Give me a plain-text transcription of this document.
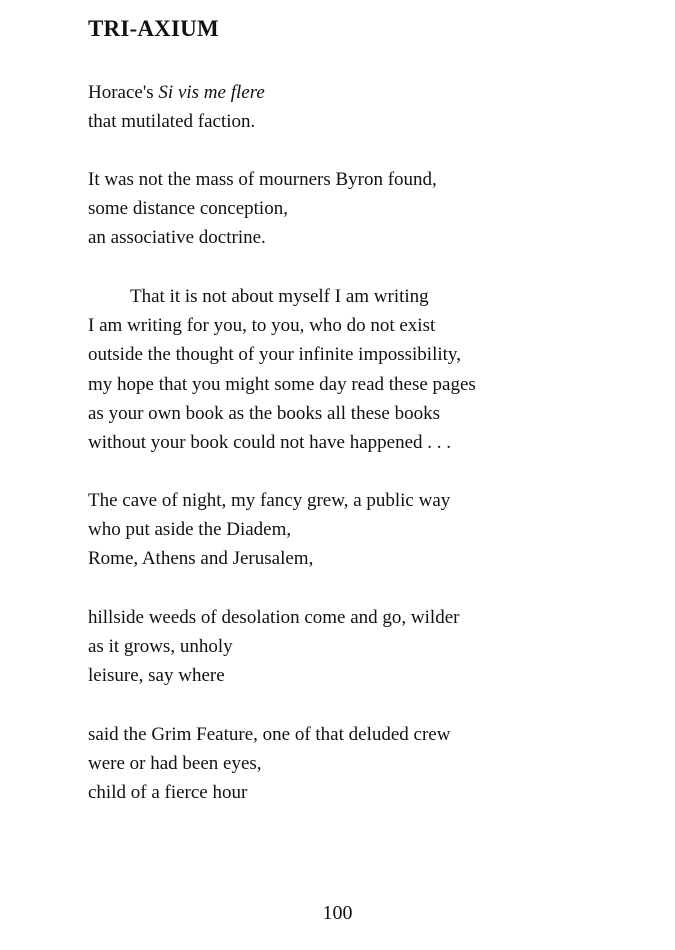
TRI-AXIUM
Horace's Si vis me flere
that mutilated faction.
It was not the mass of mourners Byron found,
some distance conception,
an associative doctrine.
That it is not about myself I am writing
I am writing for you, to you, who do not exist
outside the thought of your infinite impossibility,
my hope that you might some day read these pages
as your own book as the books all these books
without your book could not have happened . . .
The cave of night, my fancy grew, a public way
who put aside the Diadem,
Rome, Athens and Jerusalem,
hillside weeds of desolation come and go, wilder
as it grows, unholy
leisure, say where
said the Grim Feature, one of that deluded crew
were or had been eyes,
child of a fierce hour
100
